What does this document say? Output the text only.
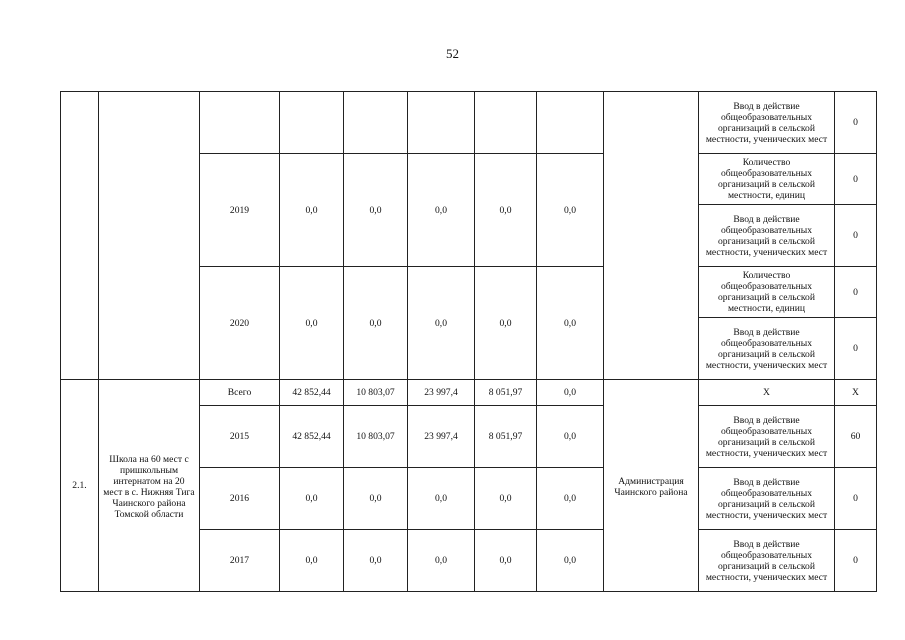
52
									Ввод в действие общеобразовательных организаций в сельской местности, ученических мест	0
		2019	0,0	0,0	0,0	0,0	0,0		Количество общеобразовательных организаций в сельской местности, единиц	0
									Ввод в действие общеобразовательных организаций в сельской местности, ученических мест	0
		2020	0,0	0,0	0,0	0,0	0,0		Количество общеобразовательных организаций в сельской местности, единиц	0
									Ввод в действие общеобразовательных организаций в сельской местности, ученических мест	0
2.1.	Школа на 60 мест с пришкольным интернатом на 20 мест в с. Нижняя Тига Чаинского района Томской области	Всего	42 852,44	10 803,07	23 997,4	8 051,97	0,0	Администрация Чаинского района	X	X
		2015	42 852,44	10 803,07	23 997,4	8 051,97	0,0		Ввод в действие общеобразовательных организаций в сельской местности, ученических мест	60
		2016	0,0	0,0	0,0	0,0	0,0		Ввод в действие общеобразовательных организаций в сельской местности, ученических мест	0
		2017	0,0	0,0	0,0	0,0	0,0		Ввод в действие общеобразовательных организаций в сельской местности, ученических мест	0
